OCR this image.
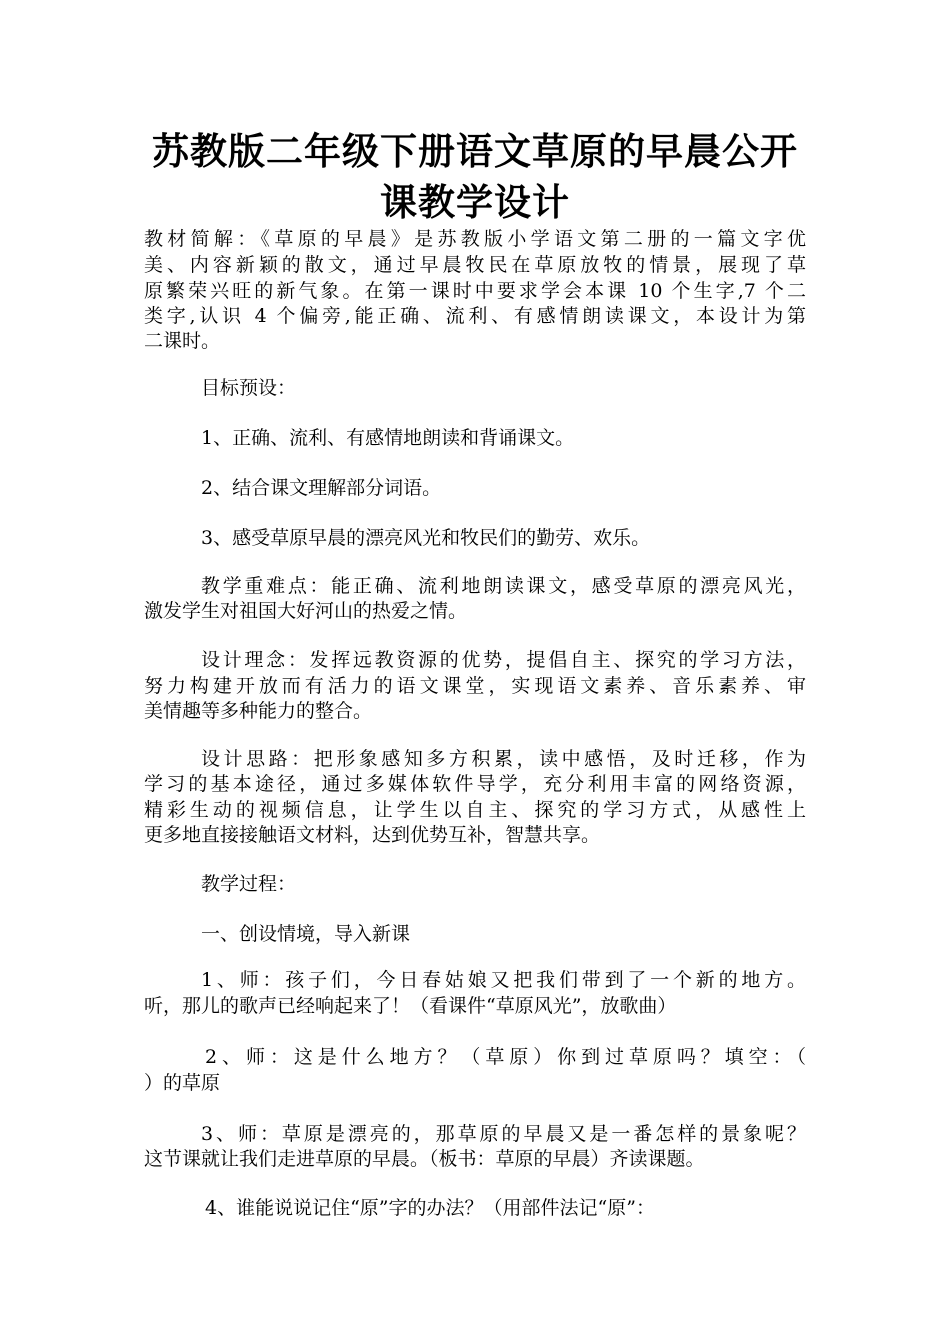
苏教版二年级下册语文草原的早晨公开
课教学设计
教材简解：《草原的早晨》是苏教版小学语文第二册的一篇文字优
美、内容新颖的散文，通过早晨牧民在草原放牧的情景，展现了草
原繁荣兴旺的新气象。在第一课时中要求学会本课 10 个生字,7 个二
类字,认识 4 个偏旁,能正确、流利、有感情朗读课文，本设计为第
二课时。
目标预设：
1、正确、流利、有感情地朗读和背诵课文。
2、结合课文理解部分词语。
3、感受草原早晨的漂亮风光和牧民们的勤劳、欢乐。
教学重难点：能正确、流利地朗读课文，感受草原的漂亮风光，
激发学生对祖国大好河山的热爱之情。
设计理念：发挥远教资源的优势，提倡自主、探究的学习方法，
努力构建开放而有活力的语文课堂，实现语文素养、音乐素养、审
美情趣等多种能力的整合。
设计思路：把形象感知多方积累，读中感悟，及时迁移，作为
学习的基本途径，通过多媒体软件导学，充分利用丰富的网络资源，
精彩生动的视频信息，让学生以自主、探究的学习方式，从感性上
更多地直接接触语文材料，达到优势互补，智慧共享。
教学过程：
一、创设情境，导入新课
1、师：孩子们，今日春姑娘又把我们带到了一个新的地方。
听，那儿的歌声已经响起来了！（看课件“草原风光”，放歌曲）
2、师：这是什么地方？（草原）你到过草原吗？填空：（
）的草原
3、师：草原是漂亮的，那草原的早晨又是一番怎样的景象呢？
这节课就让我们走进草原的早晨。（板书：草原的早晨）齐读课题。
4、谁能说说记住“原”字的办法？（用部件法记“原”：
